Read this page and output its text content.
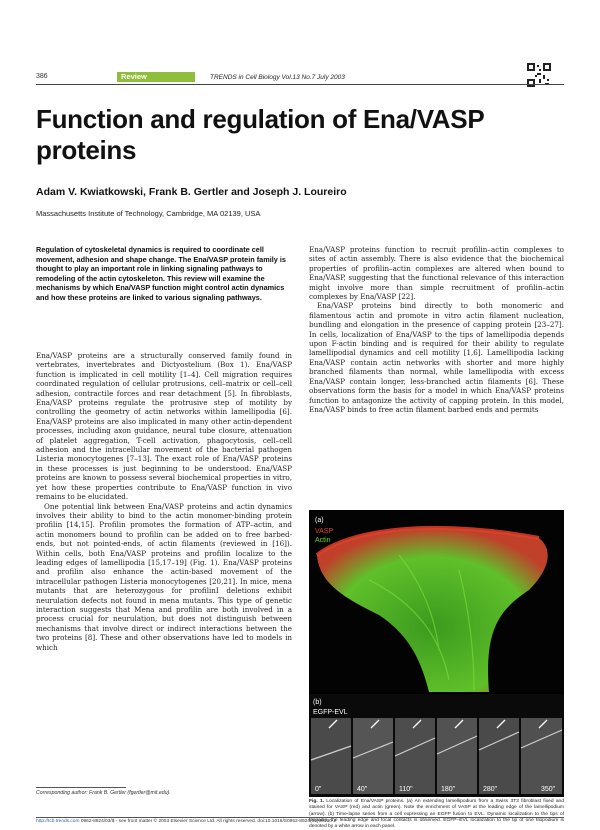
386	Review	TRENDS in Cell Biology Vol.13 No.7 July 2003
Function and regulation of Ena/VASP proteins
Adam V. Kwiatkowski, Frank B. Gertler and Joseph J. Loureiro
Massachusetts Institute of Technology, Cambridge, MA 02139, USA
Regulation of cytoskeletal dynamics is required to coordinate cell movement, adhesion and shape change. The Ena/VASP protein family is thought to play an important role in linking signaling pathways to remodeling of the actin cytoskeleton. This review will examine the mechanisms by which Ena/VASP function might control actin dynamics and how these proteins are linked to various signaling pathways.

Ena/VASP proteins are a structurally conserved family found in vertebrates, invertebrates and Dictyostelium (Box 1). Ena/VASP function is implicated in cell motility [1–4]. Cell migration requires coordinated regulation of cellular protrusions, cell–matrix or cell–cell adhesion, contractile forces and rear detachment [5]. In fibroblasts, Ena/VASP proteins regulate the protrusive step of motility by controlling the geometry of actin networks within lamellipodia [6]. Ena/VASP proteins are also implicated in many other actin-dependent processes, including axon guidance, neural tube closure, attenuation of platelet aggregation, T-cell activation, phagocytosis, cell–cell adhesion and the intracellular movement of the bacterial pathogen Listeria monocytogenes [7–13]. The exact role of Ena/VASP proteins in these processes is just beginning to be understood. Ena/VASP proteins are known to possess several biochemical properties in vitro, yet how these properties contribute to Ena/VASP function in vivo remains to be elucidated.

One potential link between Ena/VASP proteins and actin dynamics involves their ability to bind to the actin monomer-binding protein profilin [14,15]. Profilin promotes the formation of ATP–actin, and actin monomers bound to profilin can be added on to free barbed-ends, but not pointed-ends, of actin filaments (reviewed in [16]). Within cells, both Ena/VASP proteins and profilin localize to the leading edges of lamellipodia [15,17–19] (Fig. 1). Ena/VASP proteins and profilin also enhance the actin-based movement of the intracellular pathogen Listeria monocytogenes [20,21]. In mice, mena mutants that are heterozygous for profilinI deletions exhibit neurulation defects not found in mena mutants. This type of genetic interaction suggests that Mena and profilin are both involved in a process crucial for neurulation, but does not distinguish between mechanisms that involve direct or indirect interactions between the two proteins [8]. These and other observations have led to models in which

Ena/VASP proteins function to recruit profilin–actin complexes to sites of actin assembly. There is also evidence that the biochemical properties of profilin–actin complexes are altered when bound to Ena/VASP, suggesting that the functional relevance of this interaction might involve more than simple recruitment of profilin–actin complexes by Ena/VASP [22].

Ena/VASP proteins bind directly to both monomeric and filamentous actin and promote in vitro actin filament nucleation, bundling and elongation in the presence of capping protein [23–27]. In cells, localization of Ena/VASP to the tips of lamellipodia depends upon F-actin binding and is required for their ability to regulate lamellipodial dynamics and cell motility [1,6]. Lamellipodia lacking Ena/VASP contain actin networks with shorter and more highly branched filaments than normal, while lamellipodia with excess Ena/VASP contain longer, less-branched actin filaments [6]. These observations form the basis for a model in which Ena/VASP proteins function to antagonize the activity of capping protein. In this model, Ena/VASP binds to free actin filament barbed ends and permits

(a)
VASP
Actin
(b)
EGFP-EVL
0"	40"	110"	180"	280"	350"
Fig. 1. Localization of Ena/VASP proteins. (a) An extending lamellipodium from a Swiss 3T3 fibroblast fixed and stained for VASP (red) and actin (green). Note the enrichment of VASP at the leading edge of the lamellipodium (arrow). (b) Time-lapse series from a cell expressing an EGFP fusion to EVL. Dynamic localization to the tips of filopodia, the leading edge and focal contacts is observed. EGFP–EVL localization to the tip of one filopodium is denoted by a white arrow in each panel.
Corresponding author: Frank B. Gertler (fgertler@mit.edu).
http://tcb.trends.com 0962-8924/03/$ - see front matter © 2003 Elsevier Science Ltd. All rights reserved. doi:10.1016/S0962-8924(03)00130-2
